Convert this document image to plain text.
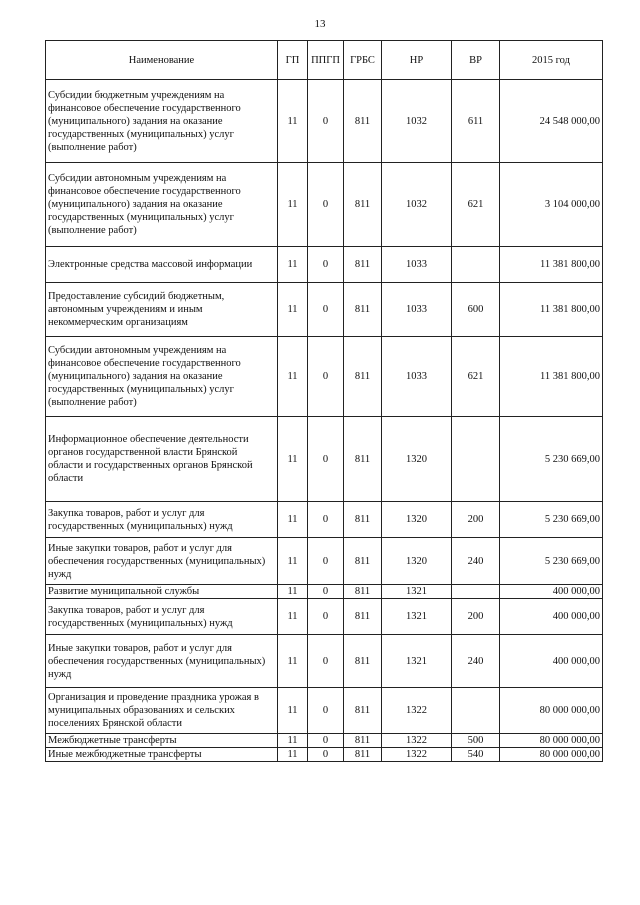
13
Наименование	ГП	ППГП	ГРБС	НР	ВР	2015 год
Субсидии бюджетным учреждениям на финансовое обеспечение государственного (муниципального) задания на оказание государственных (муниципальных) услуг (выполнение работ)	11	0	811	1032	611	24 548 000,00
Субсидии автономным учреждениям на финансовое обеспечение государственного (муниципального) задания на оказание государственных (муниципальных) услуг (выполнение работ)	11	0	811	1032	621	3 104 000,00
Электронные средства массовой информации	11	0	811	1033		11 381 800,00
Предоставление субсидий бюджетным, автономным учреждениям и иным некоммерческим организациям	11	0	811	1033	600	11 381 800,00
Субсидии автономным учреждениям на финансовое обеспечение государственного (муниципального) задания на оказание государственных (муниципальных) услуг (выполнение работ)	11	0	811	1033	621	11 381 800,00
Информационное обеспечение деятельности органов государственной власти Брянской области и государственных органов Брянской области	11	0	811	1320		5 230 669,00
Закупка товаров, работ и услуг для государственных (муниципальных) нужд	11	0	811	1320	200	5 230 669,00
Иные закупки товаров, работ и услуг для обеспечения государственных (муниципальных) нужд	11	0	811	1320	240	5 230 669,00
Развитие муниципальной службы	11	0	811	1321		400 000,00
Закупка товаров, работ и услуг для государственных (муниципальных) нужд	11	0	811	1321	200	400 000,00
Иные закупки товаров, работ и услуг для обеспечения государственных (муниципальных) нужд	11	0	811	1321	240	400 000,00
Организация и проведение праздника урожая в муниципальных образованиях и сельских поселениях Брянской области	11	0	811	1322		80 000 000,00
Межбюджетные трансферты	11	0	811	1322	500	80 000 000,00
Иные межбюджетные трансферты	11	0	811	1322	540	80 000 000,00
